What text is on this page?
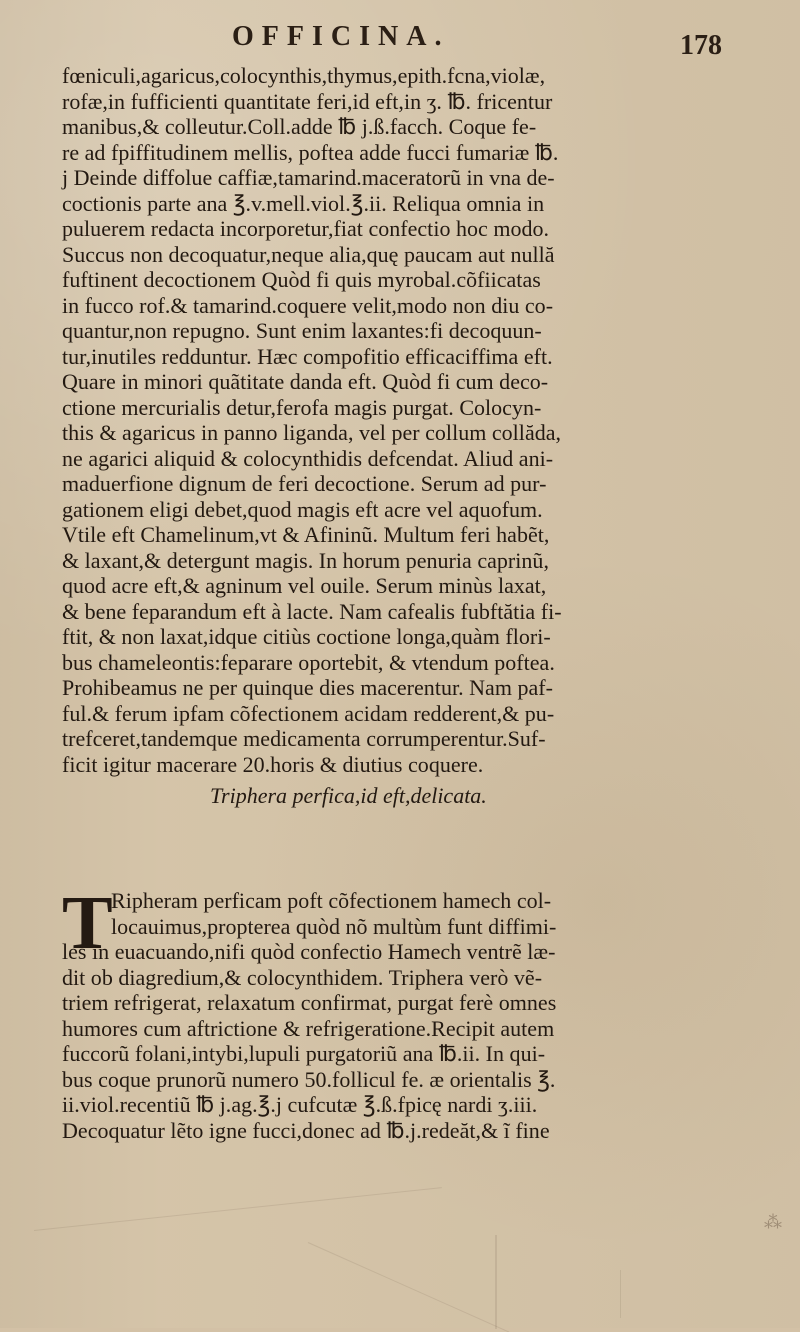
OFFICINA.	178
fœniculi,agaricus,colocynthis,thymus,epith.fcna,violæ,
rofæ,in fufficienti quantitate feri,id eft,in ʒ. ℔. fricentur
manibus,& colleutur.Coll.adde ℔ j.ß.facch. Coque fe-
re ad fpiffitudinem mellis, poftea adde fucci fumariæ ℔.
j Deinde diffolue caffiæ,tamarind.maceratorũ in vna de-
coctionis parte ana ℥.v.mell.viol.℥.ii. Reliqua omnia in
puluerem redacta incorporetur,fiat confectio hoc modo.
Succus non decoquatur,neque alia,quę paucam aut nullă
fuftinent decoctionem Quòd fi quis myrobal.cõfiicatas
in fucco rof.& tamarind.coquere velit,modo non diu co-
quantur,non repugno. Sunt enim laxantes:fi decoquun-
tur,inutiles redduntur. Hæc compofitio efficaciffima eft.
Quare in minori quãtitate danda eft. Quòd fi cum deco-
ctione mercurialis detur,ferofa magis purgat. Colocyn-
this & agaricus in panno liganda, vel per collum collăda,
ne agarici aliquid & colocynthidis defcendat. Aliud ani-
maduerfione dignum de feri decoctione. Serum ad pur-
gationem eligi debet,quod magis eft acre vel aquofum.
Vtile eft Chamelinum,vt & Afininũ. Multum feri habẽt,
& laxant,& detergunt magis. In horum penuria caprinũ,
quod acre eft,& agninum vel ouile. Serum minùs laxat,
& bene feparandum eft à lacte. Nam cafealis fubftătia fi-
ftit, & non laxat,idque citiùs coctione longa,quàm flori-
bus chameleontis:feparare oportebit, & vtendum poftea.
Prohibeamus ne per quinque dies macerentur. Nam paf-
ful.& ferum ipfam cõfectionem acidam redderent,& pu-
trefceret,tandemque medicamenta corrumperentur.Suf-
ficit igitur macerare 20.horis & diutius coquere.
Triphera perfica,id eft,delicata.
T
Ripheram perficam poft cõfectionem hamech col-
locauimus,propterea quòd nõ multùm funt diffimi-
les in euacuando,nifi quòd confectio Hamech ventrẽ læ-
dit ob diagredium,& colocynthidem. Triphera verò vẽ-
triem refrigerat, relaxatum confirmat, purgat ferè omnes
humores cum aftrictione & refrigeratione.Recipit autem
fuccorũ folani,intybi,lupuli purgatoriũ ana ℔.ii. In qui-
bus coque prunorũ numero 50.follicul fe. æ orientalis ℥.
ii.viol.recentiũ ℔ j.ag.℥.j cufcutæ ℥.ß.fpicę nardi ʒ.iii.
Decoquatur lẽto igne fucci,donec ad ℔.j.redeăt,& ĩ fine
⁂
